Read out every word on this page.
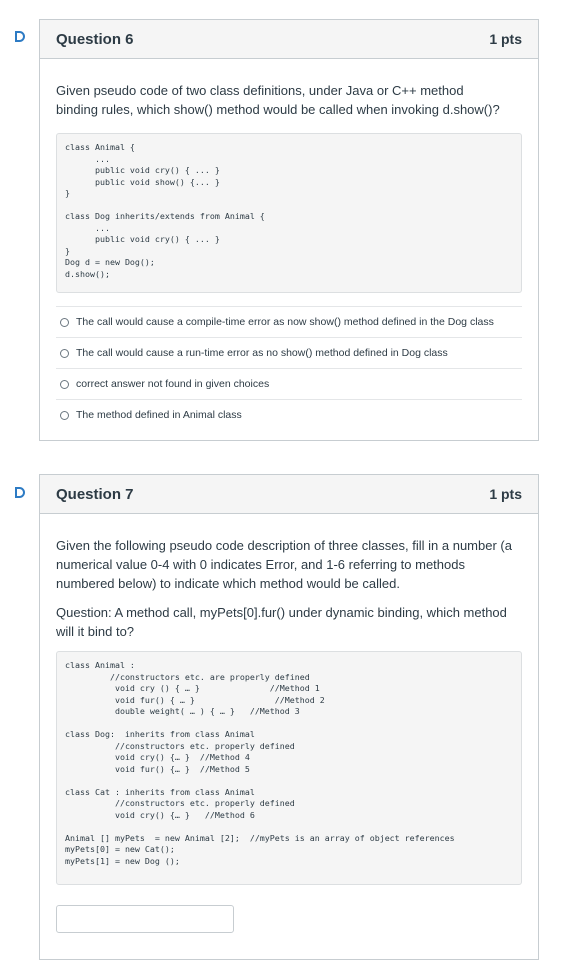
Question 6	1 pts

Given pseudo code of two class definitions, under Java or C++ method binding rules, which show() method would be called when invoking d.show()?

class Animal {
...
public void cry() { ... }
public void show() {... }
}

class Dog inherits/extends from Animal {
...
public void cry() { ... }
}
Dog d = new Dog();
d.show();
The call would cause a compile-time error as now show() method defined in the Dog class
The call would cause a run-time error as no show() method defined in Dog class
correct answer not found in given choices
The method defined in Animal class
Question 7	1 pts

Given the following pseudo code description of three classes, fill in a number (a numerical value 0-4 with 0 indicates Error, and 1-6 referring to methods numbered below) to indicate which method would be called.

Question: A method call, myPets[0].fur() under dynamic binding, which method will it bind to?

class Animal :
//constructors etc. are properly defined
void cry () { … }              //Method 1
void fur() { … }                //Method 2
double weight( … ) { … }   //Method 3

class Dog:  inherits from class Animal
//constructors etc. properly defined
void cry() {… }  //Method 4
void fur() {… }  //Method 5

class Cat : inherits from class Animal
//constructors etc. properly defined
void cry() {… }   //Method 6

Animal [] myPets  = new Animal [2];  //myPets is an array of object references
myPets[0] = new Cat();
myPets[1] = new Dog ();
